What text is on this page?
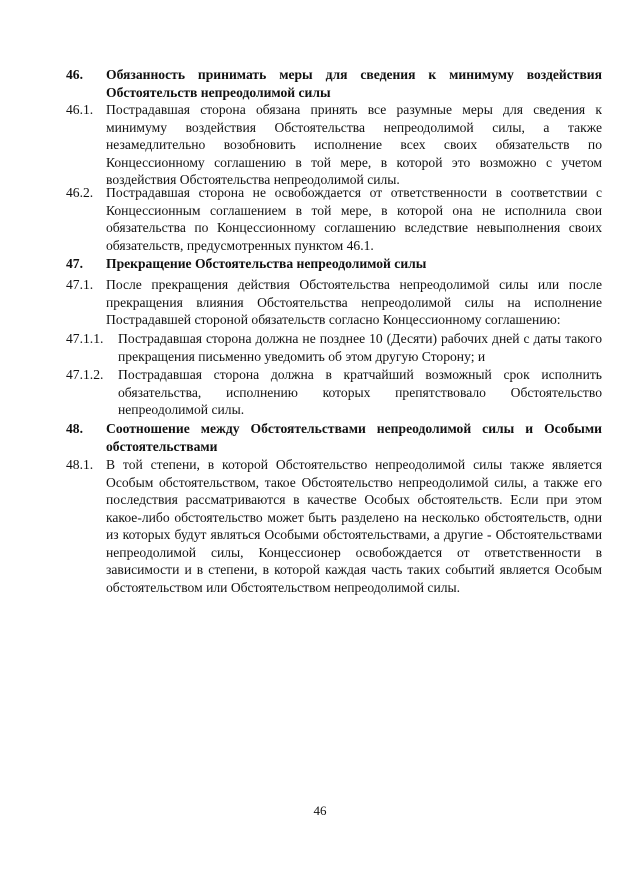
46.	Обязанность принимать меры для сведения к минимуму воздействия Обстоятельств непреодолимой силы
46.1. Пострадавшая сторона обязана принять все разумные меры для сведения к минимуму воздействия Обстоятельства непреодолимой силы, а также незамедлительно возобновить исполнение всех своих обязательств по Концессионному соглашению в той мере, в которой это возможно с учетом воздействия Обстоятельства непреодолимой силы.
46.2. Пострадавшая сторона не освобождается от ответственности в соответствии с Концессионным соглашением в той мере, в которой она не исполнила свои обязательства по Концессионному соглашению вследствие невыполнения своих обязательств, предусмотренных пунктом 46.1.
47.	Прекращение Обстоятельства непреодолимой силы
47.1. После прекращения действия Обстоятельства непреодолимой силы или после прекращения влияния Обстоятельства непреодолимой силы на исполнение Пострадавшей стороной обязательств согласно Концессионному соглашению:
47.1.1.	Пострадавшая сторона должна не позднее 10 (Десяти) рабочих дней с даты такого прекращения письменно уведомить об этом другую Сторону; и
47.1.2.	Пострадавшая сторона должна в кратчайший возможный срок исполнить обязательства, исполнению которых препятствовало Обстоятельство непреодолимой силы.
48.	Соотношение между Обстоятельствами непреодолимой силы и Особыми обстоятельствами
48.1. В той степени, в которой Обстоятельство непреодолимой силы также является Особым обстоятельством, такое Обстоятельство непреодолимой силы, а также его последствия рассматриваются в качестве Особых обстоятельств. Если при этом какое-либо обстоятельство может быть разделено на несколько обстоятельств, одни из которых будут являться Особыми обстоятельствами, а другие - Обстоятельствами непреодолимой силы, Концессионер освобождается от ответственности в зависимости и в степени, в которой каждая часть таких событий является Особым обстоятельством или Обстоятельством непреодолимой силы.
46
